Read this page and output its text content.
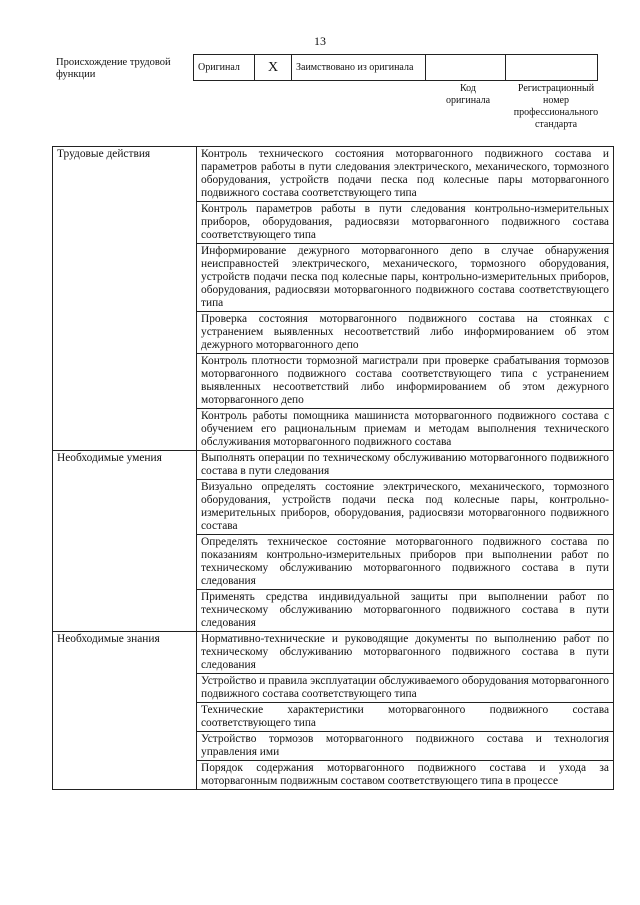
13
Происхождение трудовой функции
Оригинал	X	Заимствовано из оригинала		
Код оригинала
Регистрационный номер профессионального стандарта
Трудовые действия	Контроль технического состояния моторвагонного подвижного состава и параметров работы в пути следования электрического, механического, тормозного оборудования, устройств подачи песка под колесные пары моторвагонного подвижного состава соответствующего типа
	Контроль параметров работы в пути следования контрольно-измерительных приборов, оборудования, радиосвязи моторвагонного подвижного состава соответствующего типа
	Информирование дежурного моторвагонного депо в случае обнаружения неисправностей электрического, механического, тормозного оборудования, устройств подачи песка под колесные пары, контрольно-измерительных приборов, оборудования, радиосвязи моторвагонного подвижного состава соответствующего типа
	Проверка состояния моторвагонного подвижного состава на стоянках с устранением выявленных несоответствий либо информированием об этом дежурного моторвагонного депо
	Контроль плотности тормозной магистрали при проверке срабатывания тормозов моторвагонного подвижного состава соответствующего типа с устранением выявленных несоответствий либо информированием об этом дежурного моторвагонного депо
	Контроль работы помощника машиниста моторвагонного подвижного состава с обучением его рациональным приемам и методам выполнения технического обслуживания моторвагонного подвижного состава
Необходимые умения	Выполнять операции по техническому обслуживанию моторвагонного подвижного состава в пути следования
	Визуально определять состояние электрического, механического, тормозного оборудования, устройств подачи песка под колесные пары, контрольно-измерительных приборов, оборудования, радиосвязи моторвагонного подвижного состава
	Определять техническое состояние моторвагонного подвижного состава по показаниям контрольно-измерительных приборов при выполнении работ по техническому обслуживанию моторвагонного подвижного состава в пути следования
	Применять средства индивидуальной защиты при выполнении работ по техническому обслуживанию моторвагонного подвижного состава в пути следования
Необходимые знания	Нормативно-технические и руководящие документы по выполнению работ по техническому обслуживанию моторвагонного подвижного состава в пути следования
	Устройство и правила эксплуатации обслуживаемого оборудования моторвагонного подвижного состава соответствующего типа
	Технические характеристики моторвагонного подвижного состава соответствующего типа
	Устройство тормозов моторвагонного подвижного состава и технология управления ими
	Порядок содержания моторвагонного подвижного состава и ухода за моторвагонным подвижным составом соответствующего типа в процессе
